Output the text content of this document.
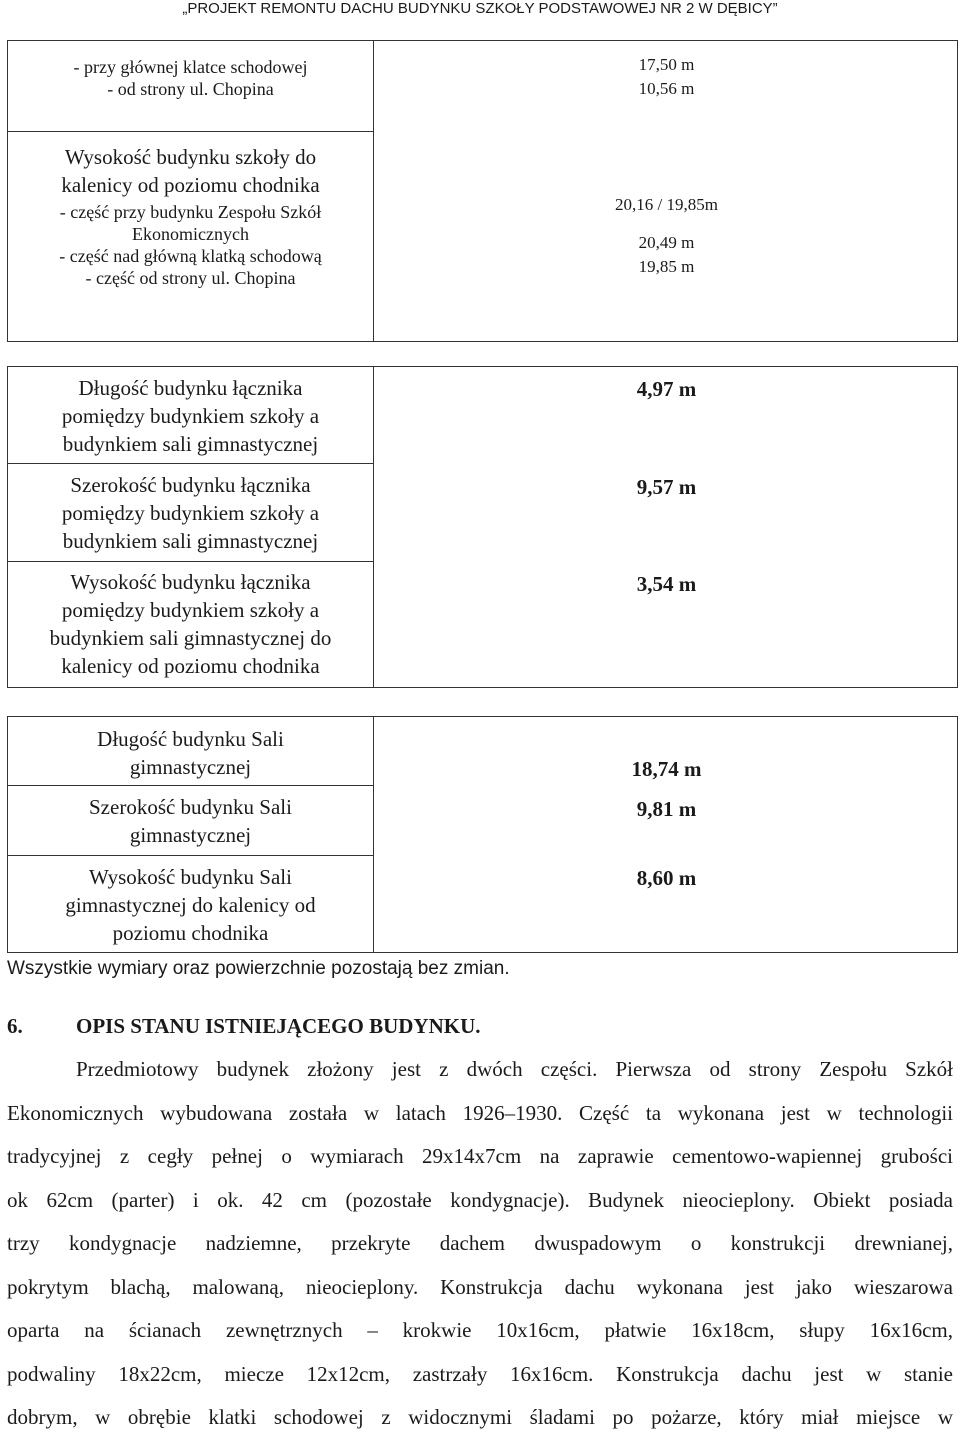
„PROJEKT REMONTU DACHU BUDYNKU SZKOŁY PODSTAWOWEJ NR 2 W DĘBICY”
- przy głównej klatce schodowej
- od strony ul. Chopina
17,50 m
10,56 m
Wysokość budynku szkoły do
kalenicy od poziomu chodnika
- część przy budynku Zespołu Szkół
Ekonomicznych
- część nad główną klatką schodową
- część od strony ul. Chopina
20,16 / 19,85m
20,49 m
19,85 m
Długość budynku łącznika
pomiędzy budynkiem szkoły a
budynkiem sali gimnastycznej
4,97 m
Szerokość budynku łącznika
pomiędzy budynkiem szkoły a
budynkiem sali gimnastycznej
9,57 m
Wysokość budynku łącznika
pomiędzy budynkiem szkoły a
budynkiem sali gimnastycznej do
kalenicy od poziomu chodnika
3,54 m
Długość budynku Sali
gimnastycznej	18,74 m
Szerokość budynku Sali
gimnastycznej
9,81 m
Wysokość budynku Sali
gimnastycznej do kalenicy od
poziomu chodnika
8,60 m
Wszystkie wymiary oraz powierzchnie pozostają bez zmian.
6.	OPIS STANU ISTNIEJĄCEGO BUDYNKU.
Przedmiotowy budynek złożony jest z dwóch części. Pierwsza od strony Zespołu Szkół
Ekonomicznych wybudowana została w latach 1926–1930. Część ta wykonana jest w technologii
tradycyjnej z cegły pełnej o wymiarach 29x14x7cm na zaprawie cementowo-wapiennej grubości
ok 62cm (parter) i ok. 42 cm (pozostałe kondygnacje). Budynek nieocieplony. Obiekt posiada
trzy kondygnacje nadziemne, przekryte dachem dwuspadowym o konstrukcji drewnianej,
pokrytym blachą, malowaną, nieocieplony. Konstrukcja dachu wykonana jest jako wieszarowa
oparta na ścianach zewnętrznych – krokwie 10x16cm, płatwie 16x18cm, słupy 16x16cm,
podwaliny 18x22cm, miecze 12x12cm, zastrzały 16x16cm. Konstrukcja dachu jest w stanie
dobrym, w obrębie klatki schodowej z widocznymi śladami po pożarze, który miał miejsce w
